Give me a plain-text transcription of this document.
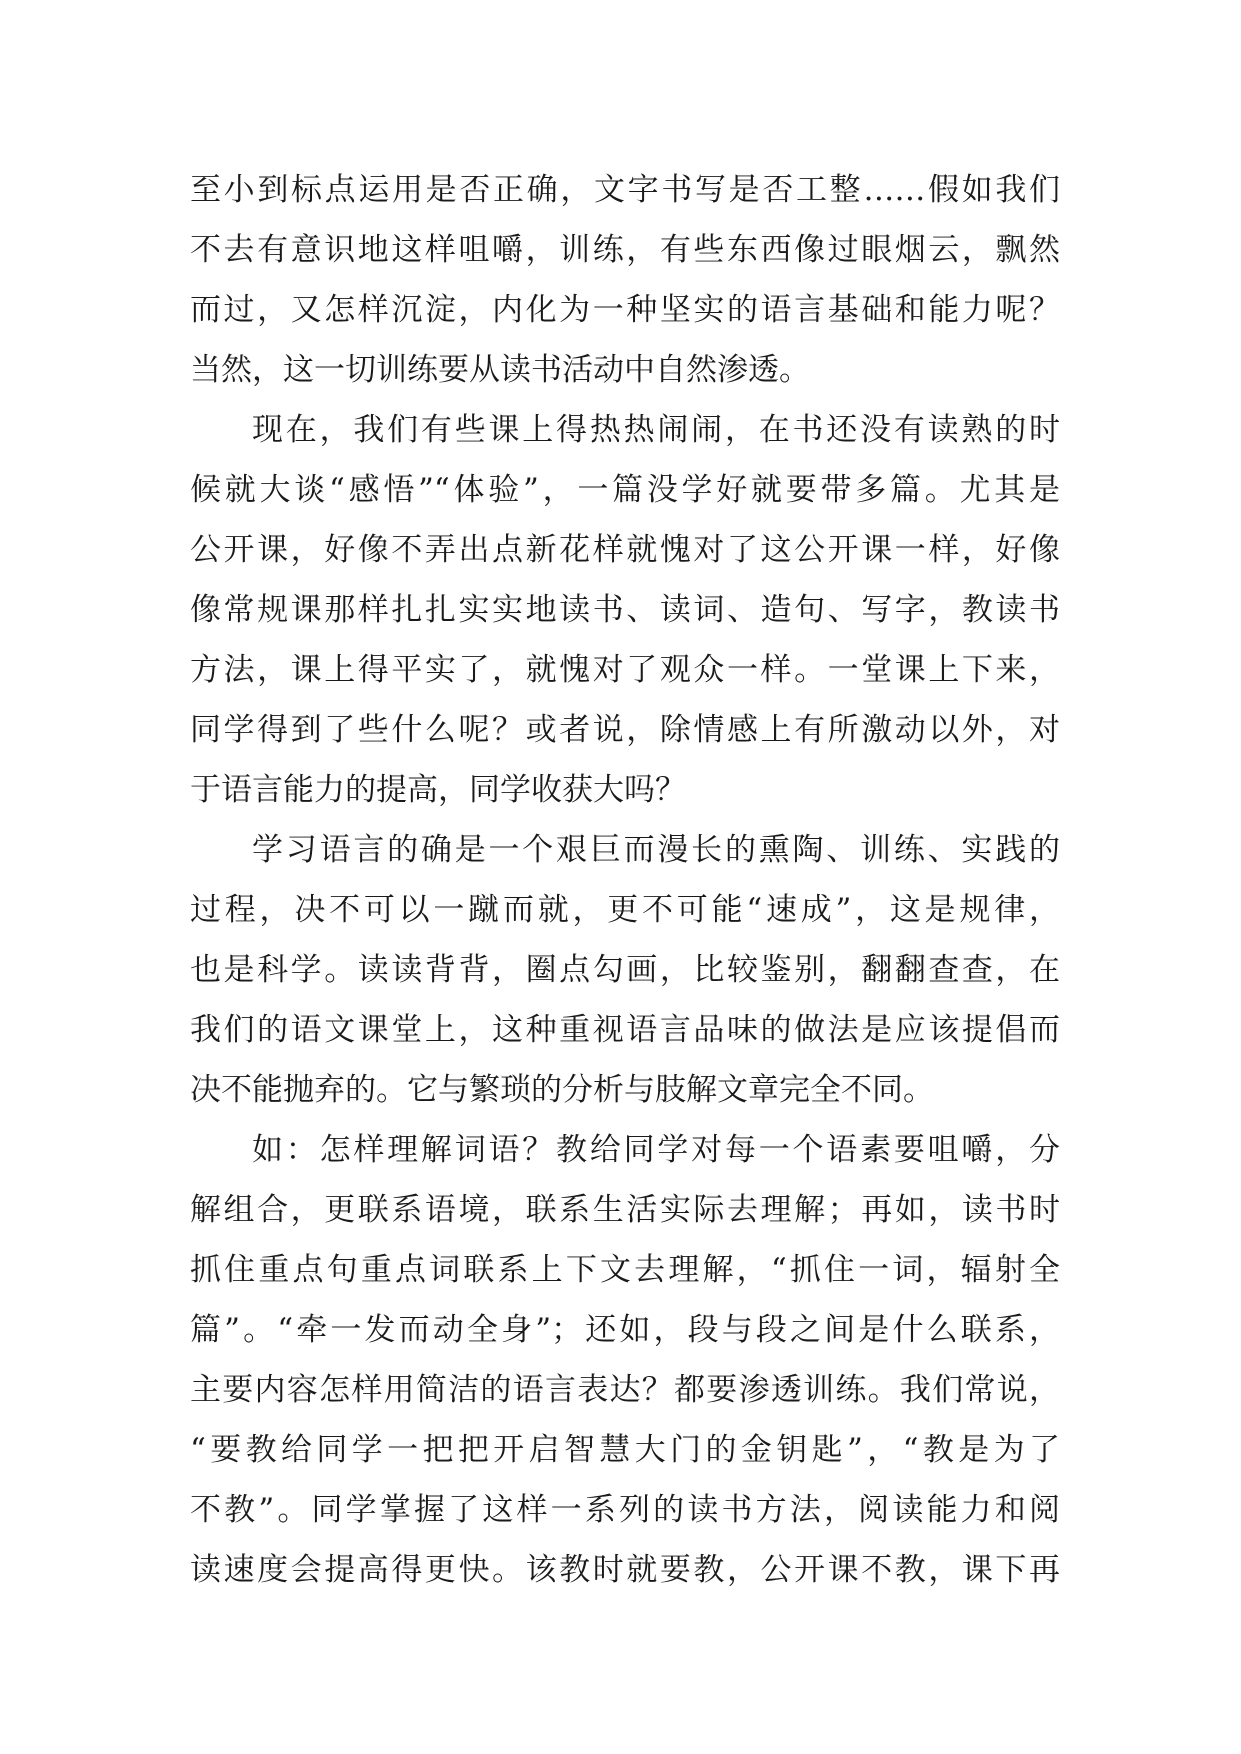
至小到标点运用是否正确，文字书写是否工整……假如我们
不去有意识地这样咀嚼，训练，有些东西像过眼烟云，飘然
而过，又怎样沉淀，内化为一种坚实的语言基础和能力呢？
当然，这一切训练要从读书活动中自然渗透。
现在，我们有些课上得热热闹闹，在书还没有读熟的时
候就大谈“感悟”“体验”，一篇没学好就要带多篇。尤其是
公开课，好像不弄出点新花样就愧对了这公开课一样，好像
像常规课那样扎扎实实地读书、读词、造句、写字，教读书
方法，课上得平实了，就愧对了观众一样。一堂课上下来，
同学得到了些什么呢？或者说，除情感上有所激动以外，对
于语言能力的提高，同学收获大吗？
学习语言的确是一个艰巨而漫长的熏陶、训练、实践的
过程，决不可以一蹴而就，更不可能“速成”，这是规律，
也是科学。读读背背，圈点勾画，比较鉴别，翻翻查查，在
我们的语文课堂上，这种重视语言品味的做法是应该提倡而
决不能抛弃的。它与繁琐的分析与肢解文章完全不同。
如：怎样理解词语？教给同学对每一个语素要咀嚼，分
解组合，更联系语境，联系生活实际去理解；再如，读书时
抓住重点句重点词联系上下文去理解，“抓住一词，辐射全
篇”。“牵一发而动全身”；还如，段与段之间是什么联系，
主要内容怎样用简洁的语言表达？都要渗透训练。我们常说，
“要教给同学一把把开启智慧大门的金钥匙”，“教是为了
不教”。同学掌握了这样一系列的读书方法，阅读能力和阅
读速度会提高得更快。该教时就要教，公开课不教，课下再
